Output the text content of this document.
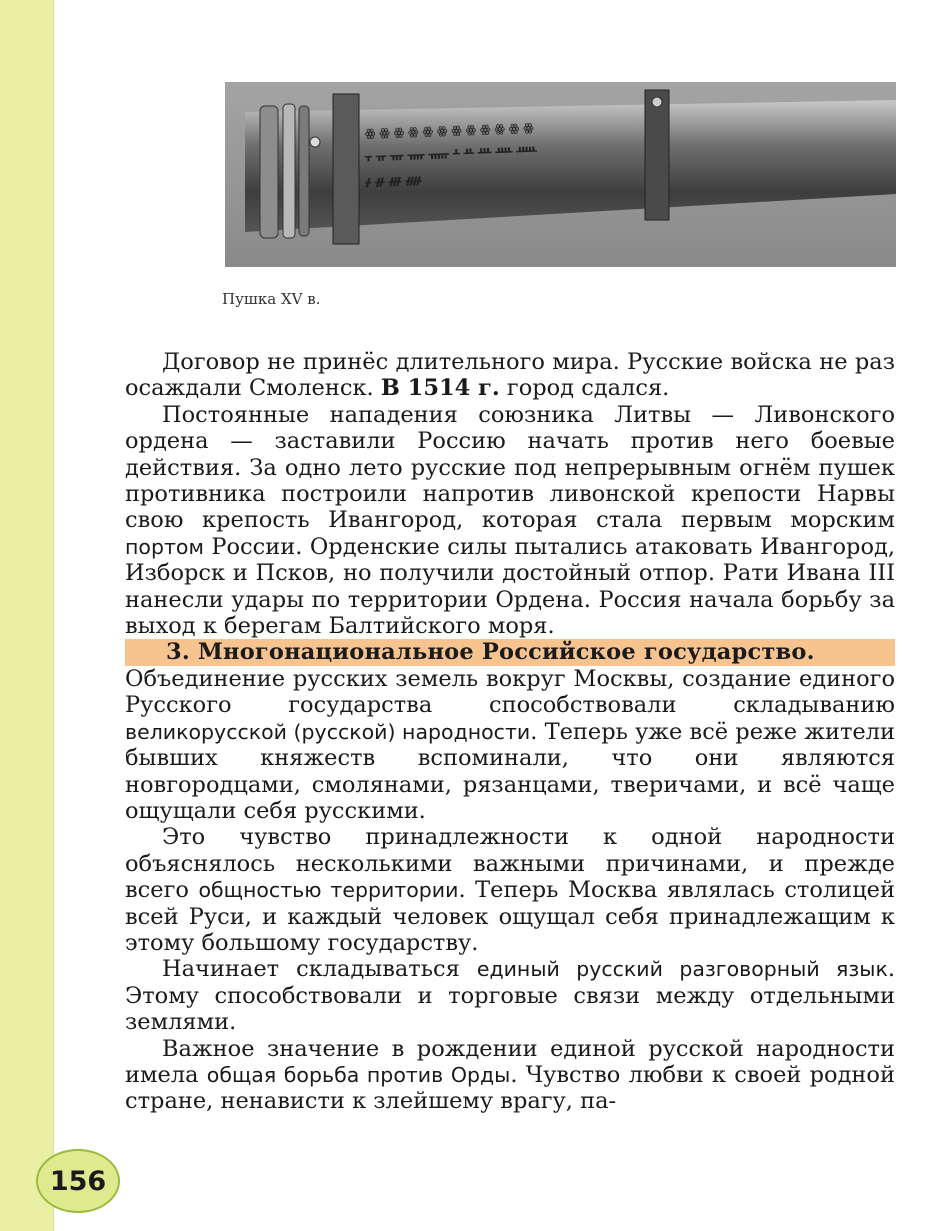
ꙮ ꙮ ꙮ ꙮ ꙮ ꙮ ꙮ ꙮ ꙮ ꙮ ꙮ ꙮ
ᚁ ᚂ ᚃ ᚄ ᚅ ᚆ ᚇ ᚈ ᚉ ᚊ
ᚋ ᚌ ᚍ ᚎ
Пушка XV в.

Договор не принёс длительного мира. Русские войска не раз осаждали Смоленск. В 1514 г. город сдался.

Постоянные нападения союзника Литвы — Ливонского ордена — заставили Россию начать против него боевые действия. За одно лето русские под непрерывным огнём пушек противника построили напротив ливонской крепости Нарвы свою крепость Ивангород, которая стала первым морским портом России. Орденские силы пытались атаковать Ивангород, Изборск и Псков, но получили достойный отпор. Рати Ивана III нанесли удары по территории Ордена. Россия начала борьбу за выход к берегам Балтийского моря.

3. Многонациональное Российское государство.

Объединение русских земель вокруг Москвы, создание единого Русского государства способствовали складыванию великорусской (русской) народности. Теперь уже всё реже жители бывших княжеств вспоминали, что они являются новгородцами, смолянами, рязанцами, тверичами, и всё чаще ощущали себя русскими.

Это чувство принадлежности к одной народности объяснялось несколькими важными причинами, и прежде всего общностью территории. Теперь Москва являлась столицей всей Руси, и каждый человек ощущал себя принадлежащим к этому большому государству.

Начинает складываться единый русский разговорный язык. Этому способствовали и торговые связи между отдельными землями.

Важное значение в рождении единой русской народности имела общая борьба против Орды. Чувство любви к своей родной стране, ненависти к злейшему врагу, па-

156
